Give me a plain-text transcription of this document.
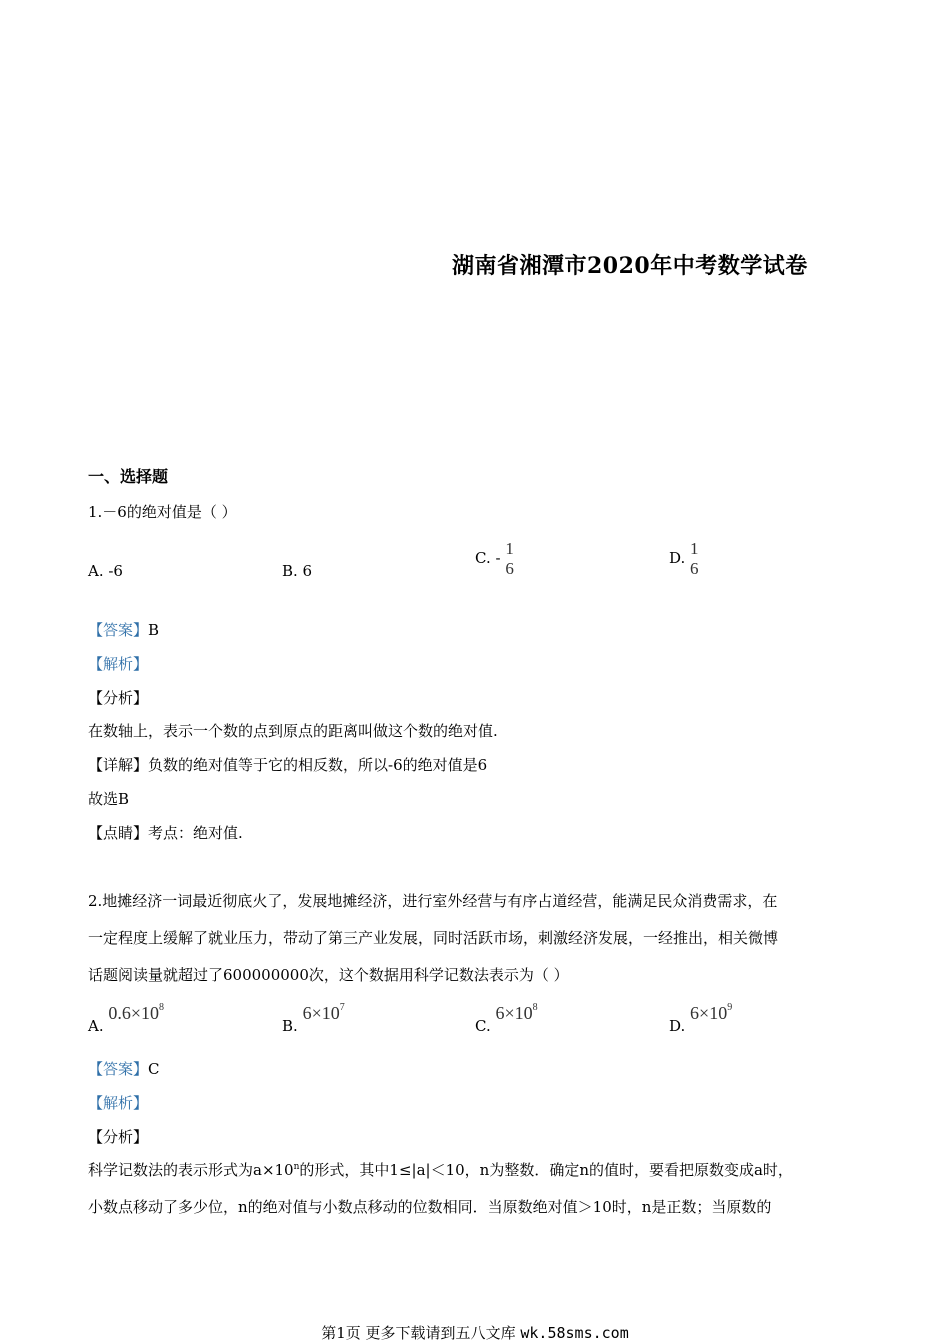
湖南省湘潭市2020年中考数学试卷
一、选择题
1.－6的绝对值是（ ）
A. -6	B. 6
C. -
1
6
D.
1
6
【答案】B
【解析】
【分析】
在数轴上，表示一个数的点到原点的距离叫做这个数的绝对值.
【详解】负数的绝对值等于它的相反数，所以-6的绝对值是6
故选B
【点睛】考点：绝对值.
2.地摊经济一词最近彻底火了，发展地摊经济，进行室外经营与有序占道经营，能满足民众消费需求，在
一定程度上缓解了就业压力，带动了第三产业发展，同时活跃市场，刺激经济发展，一经推出，相关微博
话题阅读量就超过了600000000次，这个数据用科学记数法表示为（ ）
A. $0.6\times 10^8$
B. $6\times 10^7$
C. $6\times 10^8$
D. $6\times 10^9$
【答案】C
【解析】
【分析】
科学记数法的表示形式为$a\times 10^n$的形式，其中1≤|a|＜10，n为整数．确定n的值时，要看把原数变成a时，
小数点移动了多少位，n的绝对值与小数点移动的位数相同．当原数绝对值＞10时，n是正数；当原数的
第1页 更多下载请到五八文库 wk.58sms.com
